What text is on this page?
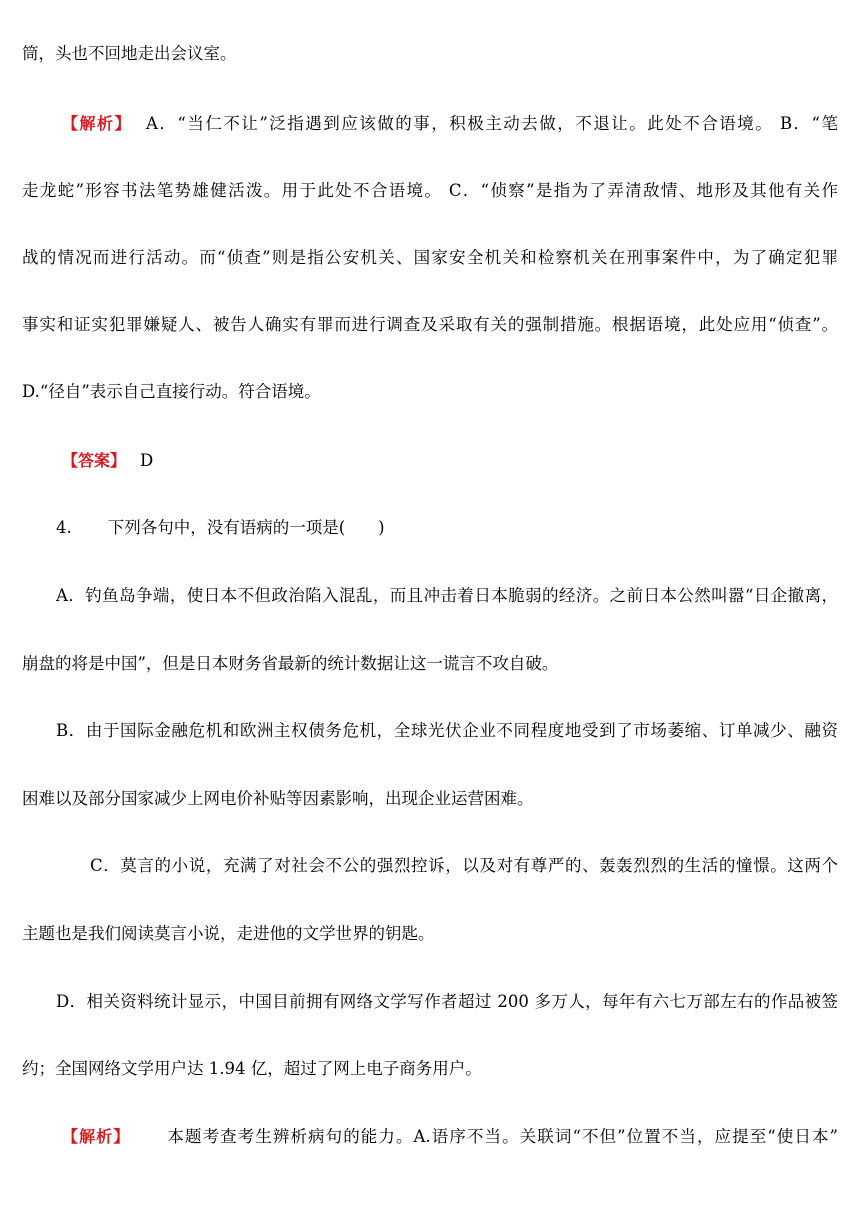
筒，头也不回地走出会议室。
【解析】 A．“当仁不让”泛指遇到应该做的事，积极主动去做，不退让。此处不合语境。 B．“笔
走龙蛇”形容书法笔势雄健活泼。用于此处不合语境。 C．“侦察”是指为了弄清敌情、地形及其他有关作
战的情况而进行活动。而“侦查”则是指公安机关、国家安全机关和检察机关在刑事案件中，为了确定犯罪
事实和证实犯罪嫌疑人、被告人确实有罪而进行调查及采取有关的强制措施。根据语境，此处应用“侦查”。
D.“径自”表示自己直接行动。符合语境。
【答案】 D
4. 下列各句中，没有语病的一项是(　　)
A．钓鱼岛争端，使日本不但政治陷入混乱，而且冲击着日本脆弱的经济。之前日本公然叫嚣“日企撤离，
崩盘的将是中国”，但是日本财务省最新的统计数据让这一谎言不攻自破。
B．由于国际金融危机和欧洲主权债务危机，全球光伏企业不同程度地受到了市场萎缩、订单减少、融资
困难以及部分国家减少上网电价补贴等因素影响，出现企业运营困难。
C．莫言的小说，充满了对社会不公的强烈控诉，以及对有尊严的、轰轰烈烈的生活的憧憬。这两个
主题也是我们阅读莫言小说，走进他的文学世界的钥匙。
D．相关资料统计显示，中国目前拥有网络文学写作者超过 200 多万人，每年有六七万部左右的作品被签
约；全国网络文学用户达 1.94 亿，超过了网上电子商务用户。
【解析】 本题考查考生辨析病句的能力。A.语序不当。关联词“不但”位置不当，应提至“使日本”
